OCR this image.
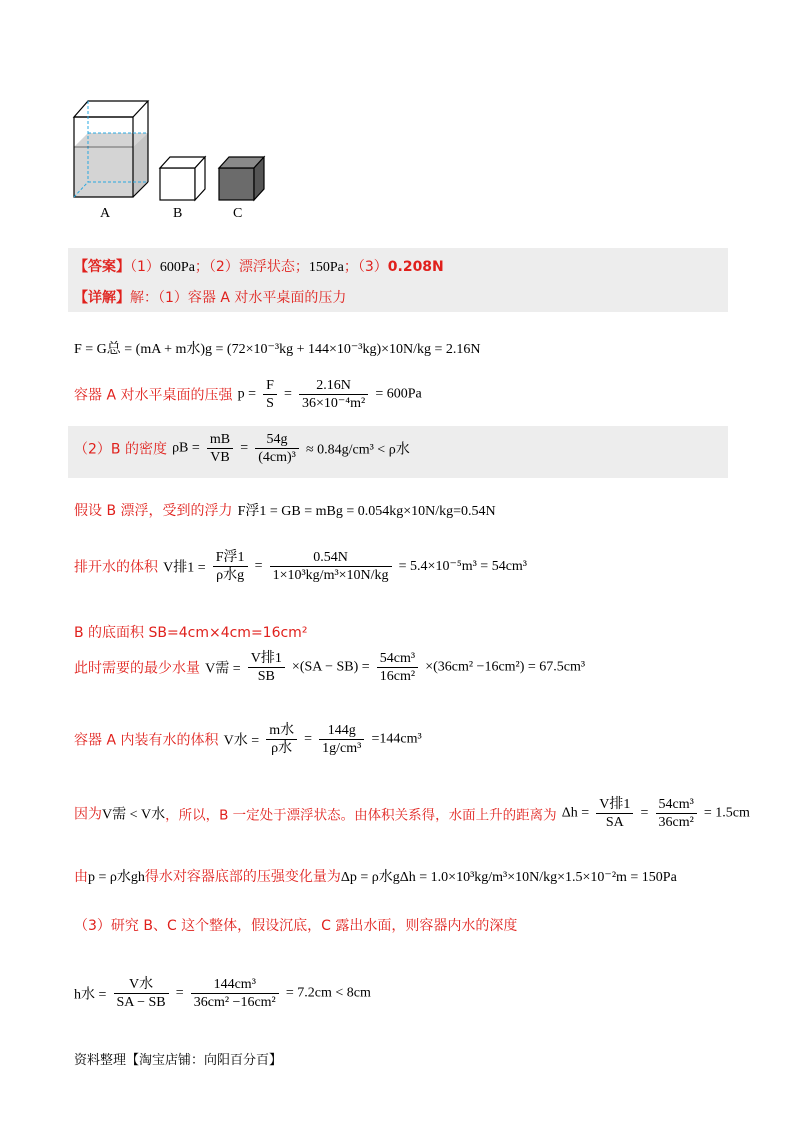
A	B	C
【答案】（1）600Pa；（2）漂浮状态；150Pa；（3）0.208N
【详解】解：（1）容器 A 对水平桌面的压力
F = G总 = (mA + m水)g = (72×10⁻³kg + 144×10⁻³kg)×10N/kg = 2.16N
容器 A 对水平桌面的压强 $p = \frac{F}{S} = \frac{2.16N}{\text{36×10⁻⁴m²}} = 600Pa$
（2）B 的密度 $\rho B = \frac{mB}{VB} = \frac{54g}{\text{(4cm)³}} \approx 0.84g/cm^3 < \rho$水
假设 B 漂浮，受到的浮力 F浮1 = GB = mBg = 0.054kg×10N/kg=0.54N
排开水的体积 V排$1 = \frac{\text{F浮1}}{\text{ρ水g}} = \frac{0.54N}{\text{1×10³kg/m³×10N/kg}} = 5.4\times 10^{-5}m^3 = 54cm^3$
B 的底面积 SB=4cm×4cm=16cm²
此时需要的最少水量 V需 = $\frac{\text{V排1}}{SB} \times(SA - SB) = \frac{\text{54cm³}}{\text{16cm²}} \times(36cm^2 -16cm^2) = 67.5cm^3$
容器 A 内装有水的体积 V水 = $\frac{\text{m水}}{\text{ρ水}} = \frac{144g}{\text{1g/cm³}} =144cm^3$
因为V需 < V水，所以，B 一定处于漂浮状态。由体积关系得，水面上升的距离为 $\Delta h = \frac{\text{V排1}}{SA} = \frac{\text{54cm³}}{\text{36cm²}} = 1.5cm$
由p = ρ水gh得水对容器底部的压强变化量为Δp = ρ水gΔh = 1.0×10³kg/m³×10N/kg×1.5×10⁻²m = 150Pa
（3）研究 B、C 这个整体，假设沉底，C 露出水面，则容器内水的深度
h水 = $\frac{\text{V水}}{SA - SB} = \frac{\text{144cm³}}{\text{36cm² −16cm²}} = 7.2cm < 8cm$
资料整理【淘宝店铺：向阳百分百】
